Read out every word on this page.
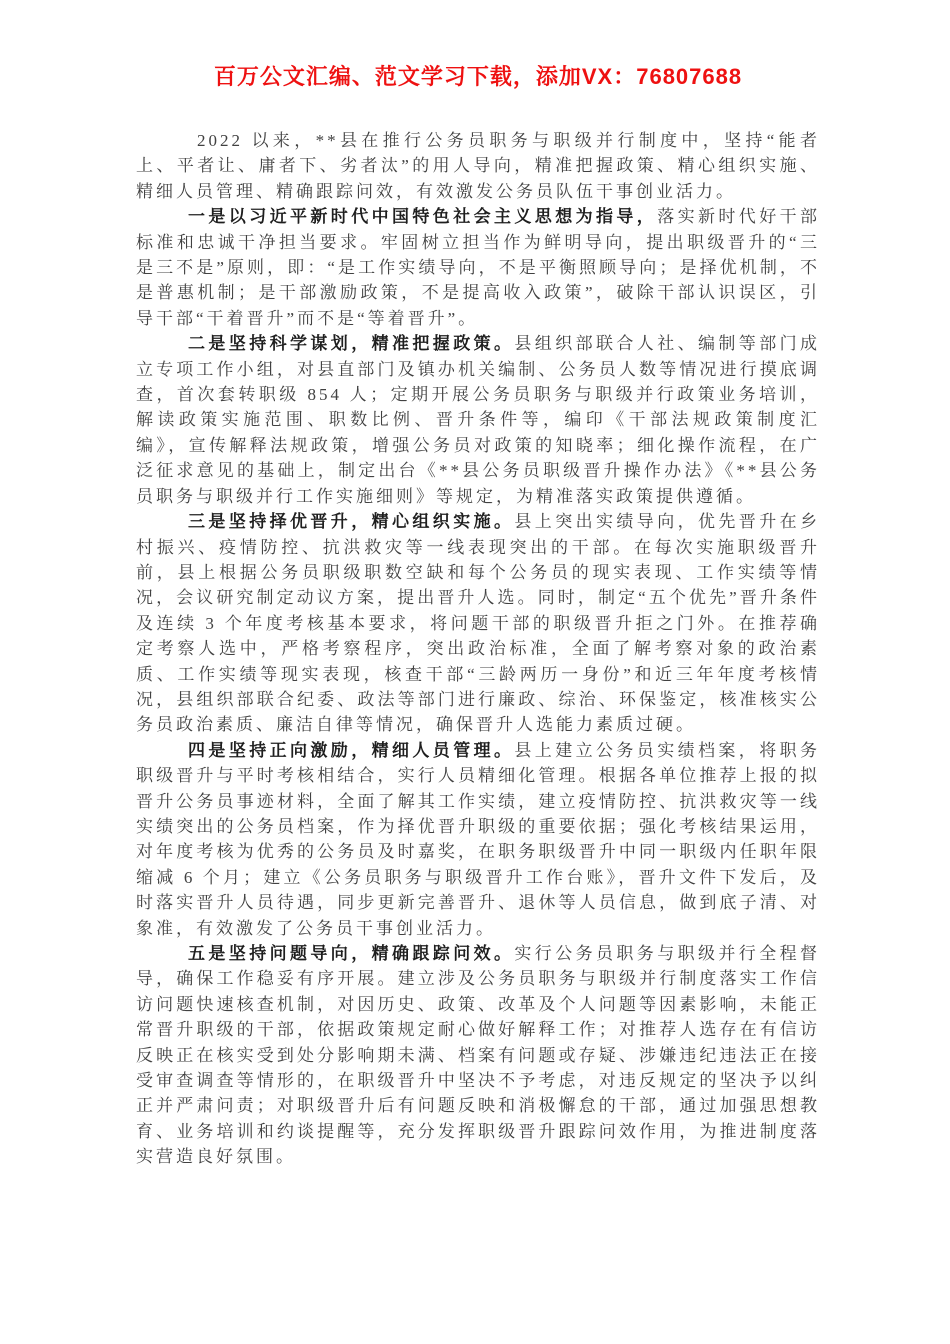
百万公文汇编、范文学习下载，添加VX：76807688

2022 以来，**县在推行公务员职务与职级并行制度中，坚持“能者上、平者让、庸者下、劣者汰”的用人导向，精准把握政策、精心组织实施、精细人员管理、精确跟踪问效，有效激发公务员队伍干事创业活力。

一是以习近平新时代中国特色社会主义思想为指导，落实新时代好干部标准和忠诚干净担当要求。牢固树立担当作为鲜明导向，提出职级晋升的“三是三不是”原则，即：“是工作实绩导向，不是平衡照顾导向；是择优机制，不是普惠机制；是干部激励政策，不是提高收入政策”，破除干部认识误区，引导干部“干着晋升”而不是“等着晋升”。

二是坚持科学谋划，精准把握政策。县组织部联合人社、编制等部门成立专项工作小组，对县直部门及镇办机关编制、公务员人数等情况进行摸底调查，首次套转职级 854 人；定期开展公务员职务与职级并行政策业务培训，解读政策实施范围、职数比例、晋升条件等，编印《干部法规政策制度汇编》，宣传解释法规政策，增强公务员对政策的知晓率；细化操作流程，在广泛征求意见的基础上，制定出台《**县公务员职级晋升操作办法》《**县公务员职务与职级并行工作实施细则》等规定，为精准落实政策提供遵循。

三是坚持择优晋升，精心组织实施。县上突出实绩导向，优先晋升在乡村振兴、疫情防控、抗洪救灾等一线表现突出的干部。在每次实施职级晋升前，县上根据公务员职级职数空缺和每个公务员的现实表现、工作实绩等情况，会议研究制定动议方案，提出晋升人选。同时，制定“五个优先”晋升条件及连续 3 个年度考核基本要求，将问题干部的职级晋升拒之门外。在推荐确定考察人选中，严格考察程序，突出政治标准，全面了解考察对象的政治素质、工作实绩等现实表现，核查干部“三龄两历一身份”和近三年年度考核情况，县组织部联合纪委、政法等部门进行廉政、综治、环保鉴定，核准核实公务员政治素质、廉洁自律等情况，确保晋升人选能力素质过硬。

四是坚持正向激励，精细人员管理。县上建立公务员实绩档案，将职务职级晋升与平时考核相结合，实行人员精细化管理。根据各单位推荐上报的拟晋升公务员事迹材料，全面了解其工作实绩，建立疫情防控、抗洪救灾等一线实绩突出的公务员档案，作为择优晋升职级的重要依据；强化考核结果运用，对年度考核为优秀的公务员及时嘉奖，在职务职级晋升中同一职级内任职年限缩减 6 个月；建立《公务员职务与职级晋升工作台账》，晋升文件下发后，及时落实晋升人员待遇，同步更新完善晋升、退休等人员信息，做到底子清、对象准，有效激发了公务员干事创业活力。

五是坚持问题导向，精确跟踪问效。实行公务员职务与职级并行全程督导，确保工作稳妥有序开展。建立涉及公务员职务与职级并行制度落实工作信访问题快速核查机制，对因历史、政策、改革及个人问题等因素影响，未能正常晋升职级的干部，依据政策规定耐心做好解释工作；对推荐人选存在有信访反映正在核实受到处分影响期未满、档案有问题或存疑、涉嫌违纪违法正在接受审查调查等情形的，在职级晋升中坚决不予考虑，对违反规定的坚决予以纠正并严肃问责；对职级晋升后有问题反映和消极懈怠的干部，通过加强思想教育、业务培训和约谈提醒等，充分发挥职级晋升跟踪问效作用，为推进制度落实营造良好氛围。
